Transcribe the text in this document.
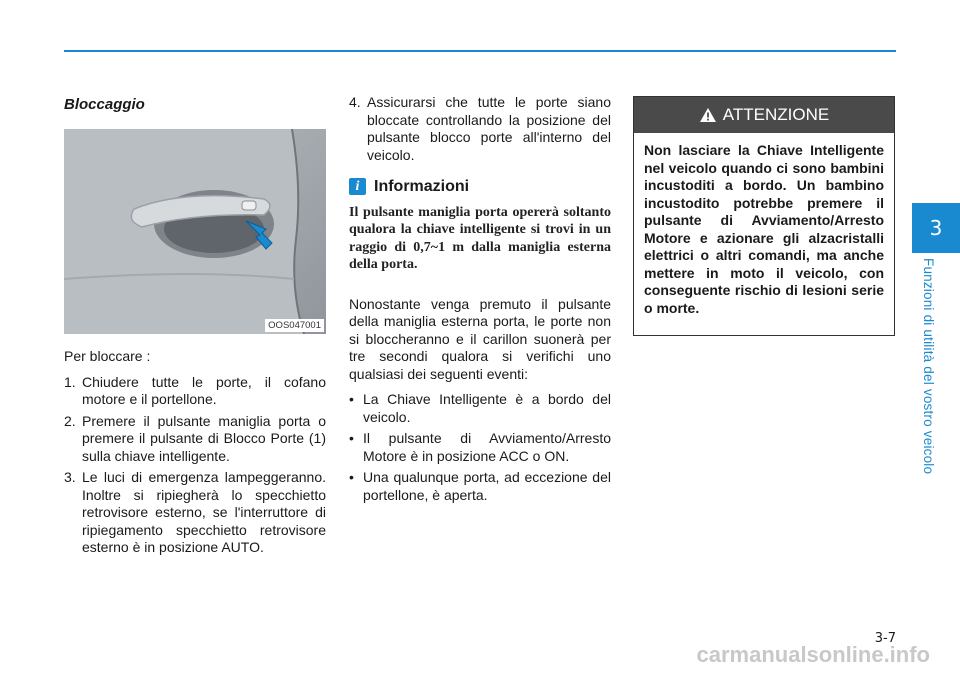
3
Funzioni di utilità del vostro veicolo

Bloccaggio

OOS047001

Per bloccare :

1. Chiudere tutte le porte, il cofano motore e il portellone.
2. Premere il pulsante maniglia porta o premere il pulsante di Blocco Porte (1) sulla chiave intelligente.
3. Le luci di emergenza lampeggeranno. Inoltre si ripiegherà lo specchietto retrovisore esterno, se l'interruttore di ripiegamento specchietto retrovisore esterno è in posizione AUTO.
4. Assicurarsi che tutte le porte siano bloccate controllando la posizione del pulsante blocco porte all'interno del veicolo.
i Informazioni

Il pulsante maniglia porta opererà soltanto qualora la chiave intelligente si trovi in un raggio di 0,7~1 m dalla maniglia esterna della porta.

Nonostante venga premuto il pulsante della maniglia esterna porta, le porte non si bloccheranno e il carillon suonerà per tre secondi qualora si verifichi uno qualsiasi dei seguenti eventi:

• La Chiave Intelligente è a bordo del veicolo.
• Il pulsante di Avviamento/Arresto Motore è in posizione ACC o ON.
• Una qualunque porta, ad eccezione del portellone, è aperta.
ATTENZIONE
Non lasciare la Chiave Intelligente nel veicolo quando ci sono bambini incustoditi a bordo. Un bambino incustodito potrebbe premere il pulsante di Avviamento/Arresto Motore e azionare gli alzacristalli elettrici o altri comandi, ma anche mettere in moto il veicolo, con conseguente rischio di lesioni serie o morte.
3-7
carmanualsonline.info
